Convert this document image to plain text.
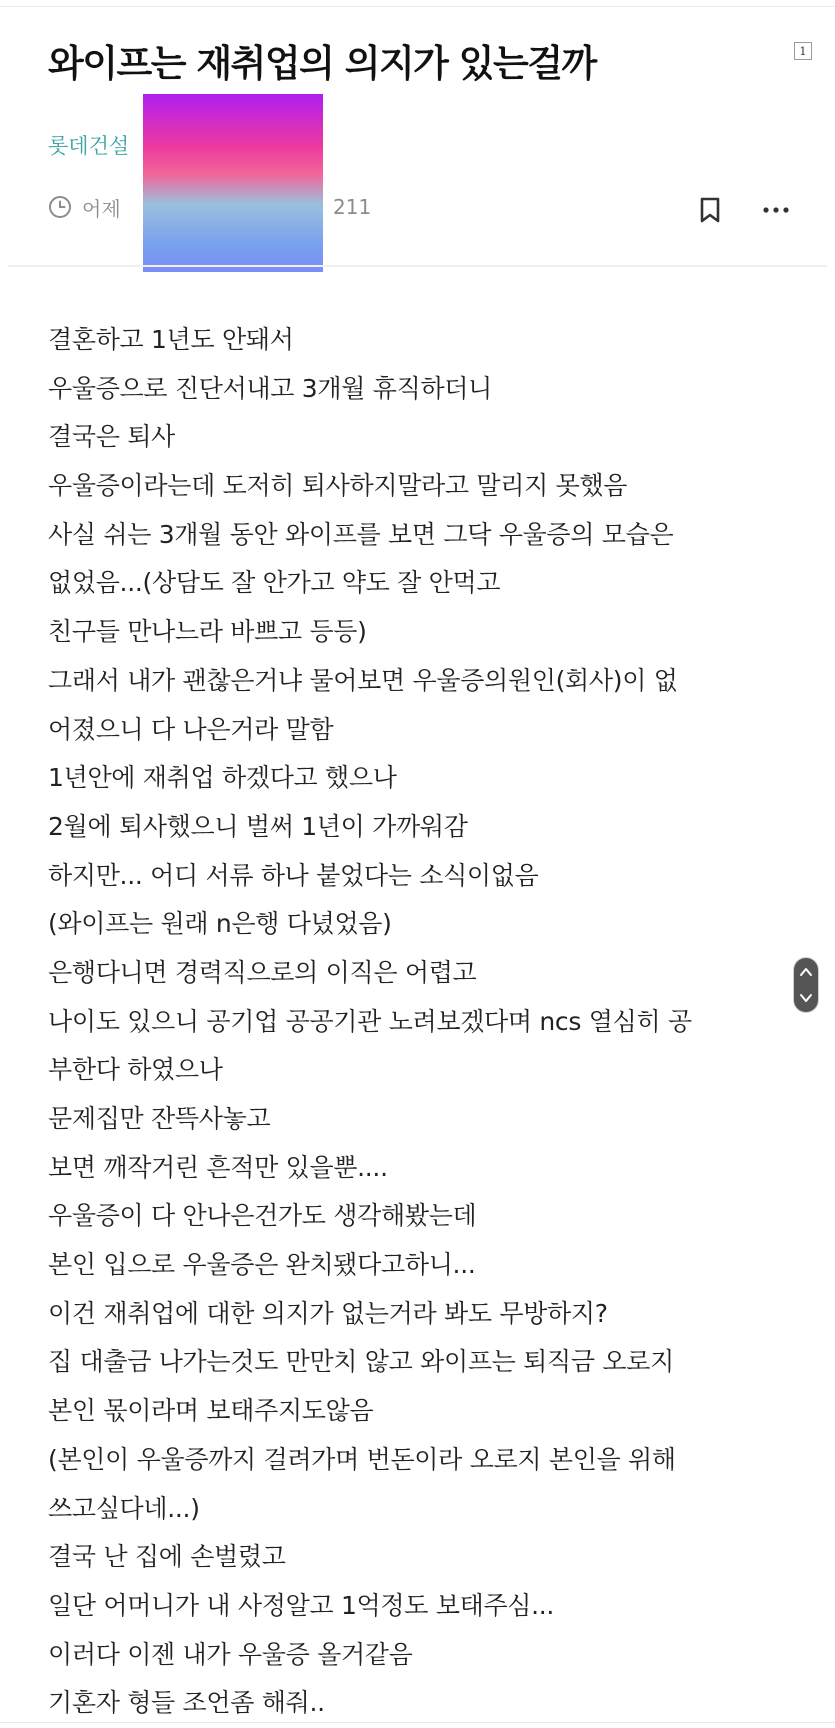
1
와이프는 재취업의 의지가 있는걸까
롯데건설
어제	211
결혼하고 1년도 안돼서
우울증으로 진단서내고 3개월 휴직하더니
결국은 퇴사
우울증이라는데 도저히 퇴사하지말라고 말리지 못했음
사실 쉬는 3개월 동안 와이프를 보면 그닥 우울증의 모습은
없었음...(상담도 잘 안가고 약도 잘 안먹고
친구들 만나느라 바쁘고 등등)
그래서 내가 괜찮은거냐 물어보면 우울증의원인(회사)이 없
어졌으니 다 나은거라 말함
1년안에 재취업 하겠다고 했으나
2월에 퇴사했으니 벌써 1년이 가까워감
하지만... 어디 서류 하나 붙었다는 소식이없음
(와이프는 원래 n은행 다녔었음)
은행다니면 경력직으로의 이직은 어렵고
나이도 있으니 공기업 공공기관 노려보겠다며 ncs 열심히 공
부한다 하였으나
문제집만 잔뜩사놓고
보면 깨작거린 흔적만 있을뿐....
우울증이 다 안나은건가도 생각해봤는데
본인 입으로 우울증은 완치됐다고하니...
이건 재취업에 대한 의지가 없는거라 봐도 무방하지?
집 대출금 나가는것도 만만치 않고 와이프는 퇴직금 오로지
본인 몫이라며 보태주지도않음
(본인이 우울증까지 걸려가며 번돈이라 오로지 본인을 위해
쓰고싶다네...)
결국 난 집에 손벌렸고
일단 어머니가 내 사정알고 1억정도 보태주심...
이러다 이젠 내가 우울증 올거같음
기혼자 형들 조언좀 해줘..
